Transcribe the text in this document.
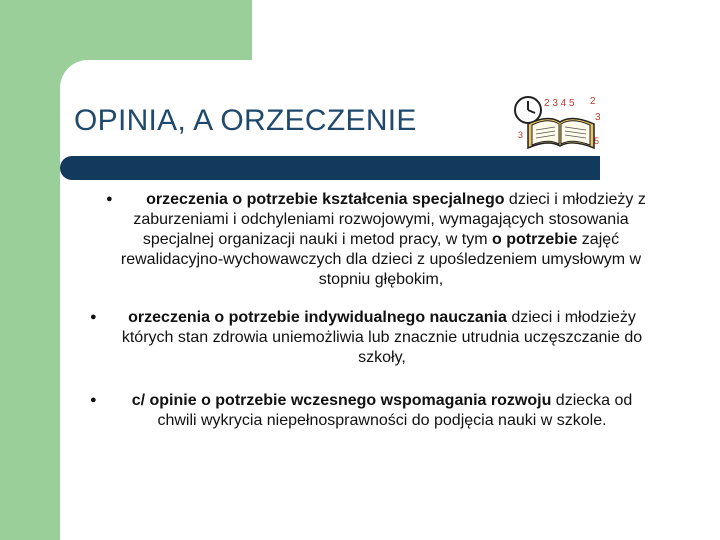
OPINIA, A ORZECZENIE
2 3 4 5 2
3
3
5
●	orzeczenia o potrzebie kształcenia specjalnego dzieci i młodzieży z zaburzeniami i odchyleniami rozwojowymi, wymagających stosowania specjalnej organizacji nauki i metod pracy, w tym o potrzebie zajęć rewalidacyjno-wychowawczych dla dzieci z upośledzeniem umysłowym w stopniu głębokim,
●	orzeczenia o potrzebie indywidualnego nauczania dzieci i młodzieży których stan zdrowia uniemożliwia lub znacznie utrudnia uczęszczanie do szkoły,
●	c/ opinie o potrzebie wczesnego wspomagania rozwoju dziecka od chwili wykrycia niepełnosprawności do podjęcia nauki w szkole.
